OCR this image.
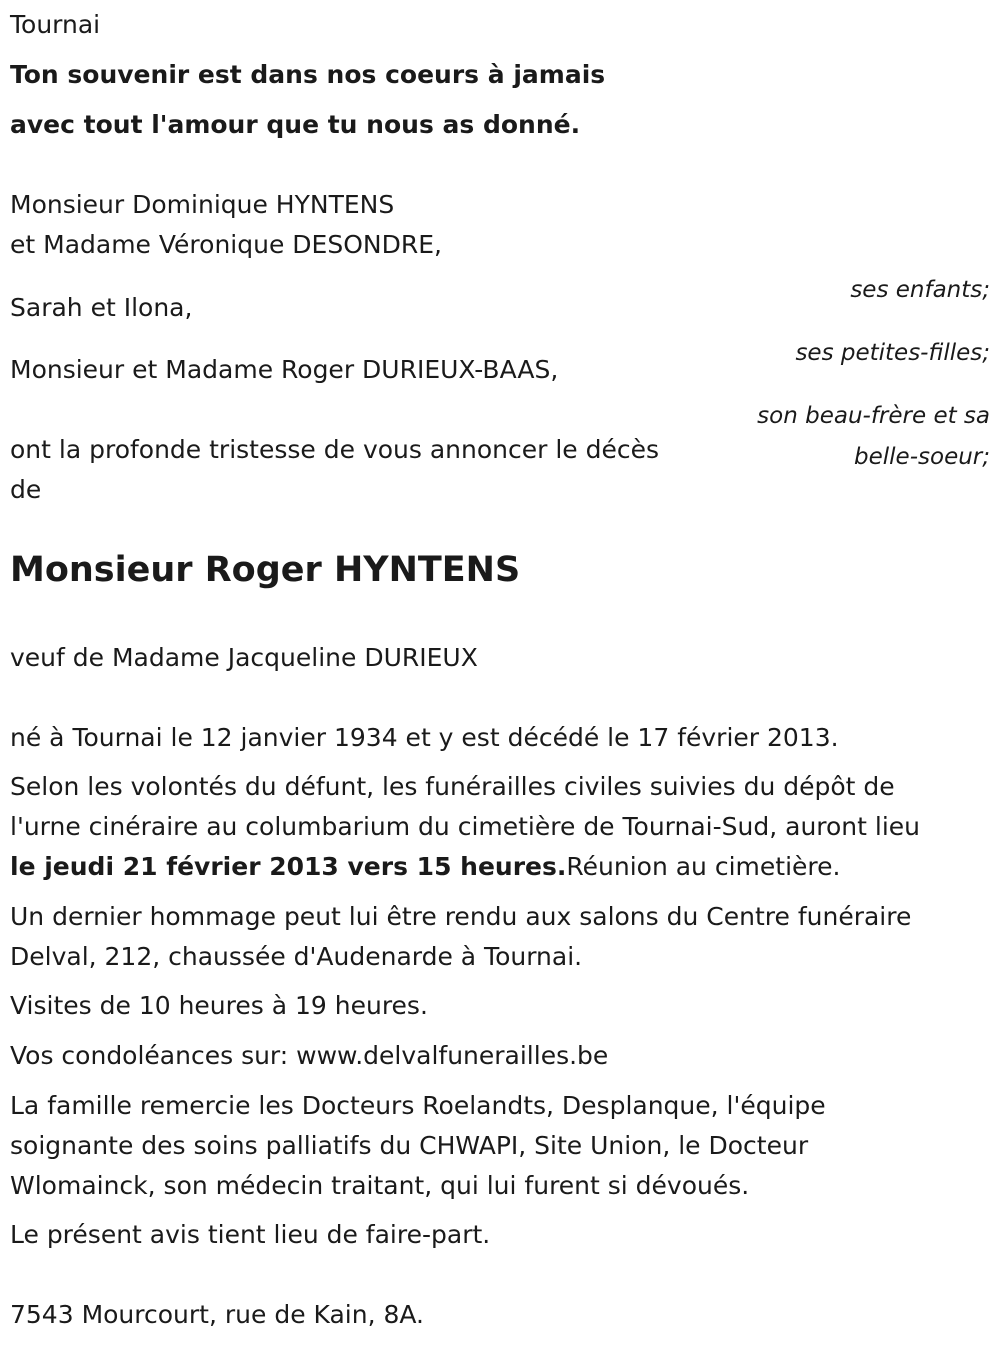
Tournai

Ton souvenir est dans nos coeurs à jamais

avec tout l'amour que tu nous as donné.

Monsieur Dominique HYNTENS

et Madame Véronique DESONDRE,

ses enfants;

Sarah et Ilona,

ses petites-filles;

Monsieur et Madame Roger DURIEUX-BAAS,

son beau-frère et sa

belle-soeur;

ont la profonde tristesse de vous annoncer le décès

de

Monsieur Roger HYNTENS

veuf de Madame Jacqueline DURIEUX

né à Tournai le 12 janvier 1934 et y est décédé le 17 février 2013.

Selon les volontés du défunt, les funérailles civiles suivies du dépôt de

l'urne cinéraire au columbarium du cimetière de Tournai-Sud, auront lieu

le jeudi 21 février 2013 vers 15 heures.Réunion au cimetière.

Un dernier hommage peut lui être rendu aux salons du Centre funéraire

Delval, 212, chaussée d'Audenarde à Tournai.

Visites de 10 heures à 19 heures.

Vos condoléances sur: www.delvalfunerailles.be

La famille remercie les Docteurs Roelandts, Desplanque, l'équipe

soignante des soins palliatifs du CHWAPI, Site Union, le Docteur

Wlomainck, son médecin traitant, qui lui furent si dévoués.

Le présent avis tient lieu de faire-part.

7543 Mourcourt, rue de Kain, 8A.
